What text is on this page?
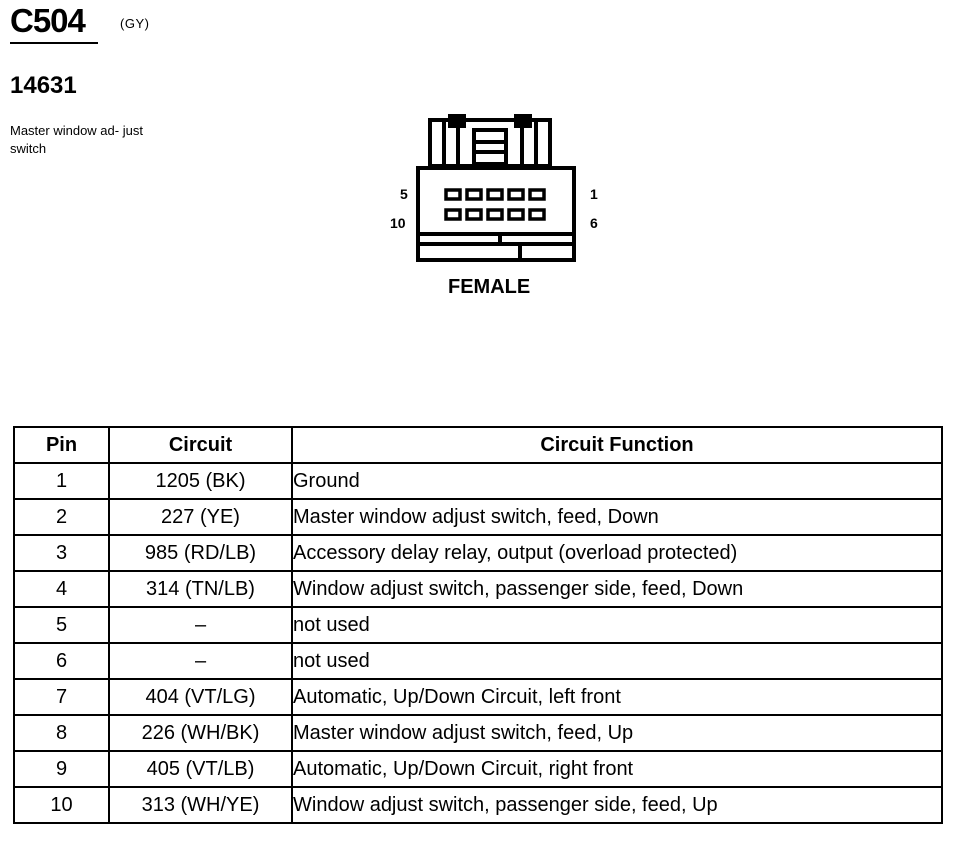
C504	(GY)
14631
Master window ad- just switch
5	1
10	6
FEMALE
Pin	Circuit	Circuit Function
1	1205 (BK)	Ground
2	227 (YE)	Master window adjust switch, feed, Down
3	985 (RD/LB)	Accessory delay relay, output (overload protected)
4	314 (TN/LB)	Window adjust switch, passenger side, feed, Down
5	–	not used
6	–	not used
7	404 (VT/LG)	Automatic, Up/Down Circuit, left front
8	226 (WH/BK)	Master window adjust switch, feed, Up
9	405 (VT/LB)	Automatic, Up/Down Circuit, right front
10	313 (WH/YE)	Window adjust switch, passenger side, feed, Up
